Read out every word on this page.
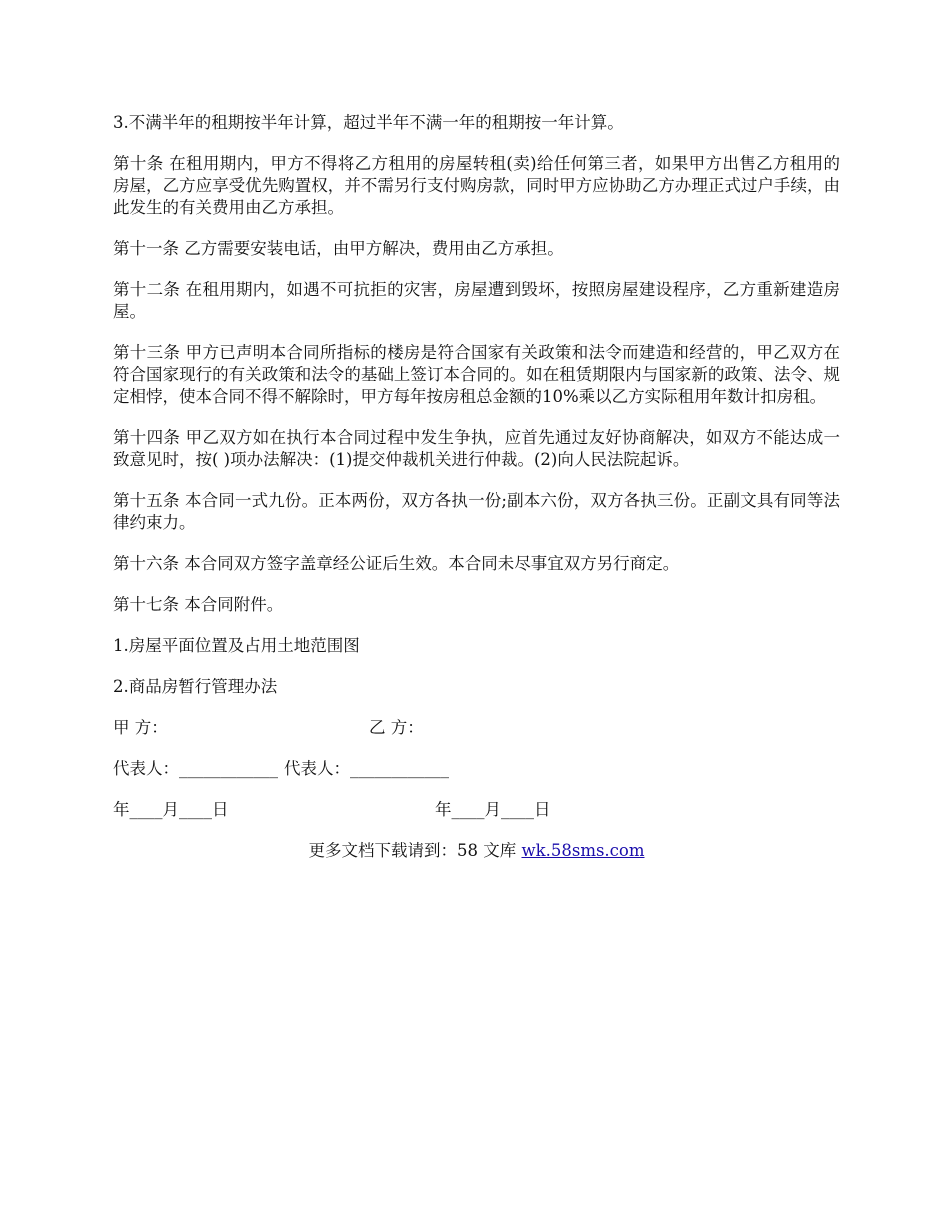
3.不满半年的租期按半年计算，超过半年不满一年的租期按一年计算。

第十条 在租用期内，甲方不得将乙方租用的房屋转租(卖)给任何第三者，如果甲方出售乙方租用的房屋，乙方应享受优先购置权，并不需另行支付购房款，同时甲方应协助乙方办理正式过户手续，由此发生的有关费用由乙方承担。

第十一条 乙方需要安装电话，由甲方解决，费用由乙方承担。

第十二条 在租用期内，如遇不可抗拒的灾害，房屋遭到毁坏，按照房屋建设程序，乙方重新建造房屋。

第十三条 甲方已声明本合同所指标的楼房是符合国家有关政策和法令而建造和经营的，甲乙双方在符合国家现行的有关政策和法令的基础上签订本合同的。如在租赁期限内与国家新的政策、法令、规定相悖，使本合同不得不解除时，甲方每年按房租总金额的10%乘以乙方实际租用年数计扣房租。

第十四条 甲乙双方如在执行本合同过程中发生争执，应首先通过友好协商解决，如双方不能达成一致意见时，按( )项办法解决：(1)提交仲裁机关进行仲裁。(2)向人民法院起诉。

第十五条 本合同一式九份。正本两份，双方各执一份;副本六份，双方各执三份。正副文具有同等法律约束力。

第十六条 本合同双方签字盖章经公证后生效。本合同未尽事宜双方另行商定。

第十七条 本合同附件。

1.房屋平面位置及占用土地范围图

2.商品房暂行管理办法

甲 方：	乙 方：
代表人：____________ 代表人：____________
年____月____日	年____月____日
更多文档下载请到：58 文库 wk.58sms.com
